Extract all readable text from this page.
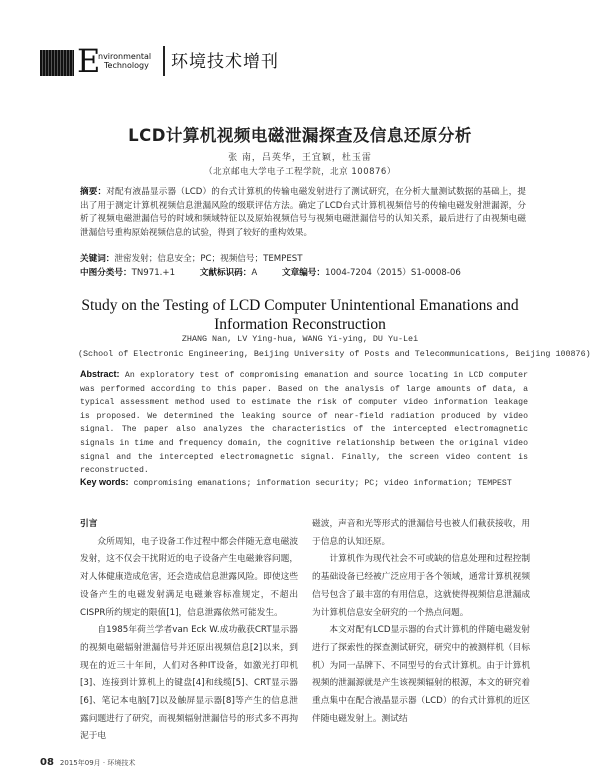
E
nvironmental
Technology 环境技术增刊
LCD计算机视频电磁泄漏探查及信息还原分析
张 南，吕英华，王宜颖，杜玉雷
（北京邮电大学电子工程学院，北京 100876）
摘要：对配有液晶显示器（LCD）的台式计算机的传输电磁发射进行了测试研究，在分析大量测试数据的基础上，提出了用于测定计算机视频信息泄漏风险的级联评估方法。确定了LCD台式计算机视频信号的传输电磁发射泄漏源，分析了视频电磁泄漏信号的时域和频域特征以及原始视频信号与视频电磁泄漏信号的认知关系，最后进行了由视频电磁泄漏信号重构原始视频信息的试验，得到了较好的重构效果。
关键词：泄密发射；信息安全；PC；视频信号；TEMPEST
中图分类号：TN971.+1	文献标识码：A	文章编号：1004-7204（2015）S1-0008-06
Study on the Testing of LCD Computer Unintentional Emanations and Information Reconstruction
ZHANG Nan, LV Ying-hua, WANG Yi-ying, DU Yu-Lei
(School of Electronic Engineering, Beijing University of Posts and Telecommunications, Beijing 100876)
Abstract: An exploratory test of compromising emanation and source locating in LCD computer was performed according to this paper. Based on the analysis of large amounts of data, a typical assessment method used to estimate the risk of computer video information leakage is proposed. We determined the leaking source of near-field radiation produced by video signal. The paper also analyzes the characteristics of the intercepted electromagnetic signals in time and frequency domain, the cognitive relationship between the original video signal and the intercepted electromagnetic signal. Finally, the screen video content is reconstructed.
Key words: compromising emanations; information security; PC; video information; TEMPEST

引言

众所周知，电子设备工作过程中都会伴随无意电磁波发射，这不仅会干扰附近的电子设备产生电磁兼容问题，对人体健康造成危害，还会造成信息泄露风险。即使这些设备产生的电磁发射满足电磁兼容标准规定，不超出CISPR所约规定的限值[1]，信息泄露依然可能发生。

自1985年荷兰学者van Eck W.成功截获CRT显示器的视频电磁辐射泄漏信号并还原出视频信息[2]以来，到现在的近三十年间，人们对各种IT设备，如激光打印机[3]、连接到计算机上的键盘[4]和线缆[5]、CRT显示器[6]、笔记本电脑[7]以及触屏显示器[8]等产生的信息泄露问题进行了研究，而视频辐射泄漏信号的形式多不再拘泥于电

磁波，声音和光等形式的泄漏信号也被人们截获接收，用于信息的认知还原。

计算机作为现代社会不可或缺的信息处理和过程控制的基础设备已经被广泛应用于各个领域，通常计算机视频信号包含了最丰富的有用信息，这就使得视频信息泄漏成为计算机信息安全研究的一个热点问题。

本文对配有LCD显示器的台式计算机的伴随电磁发射进行了探索性的探查测试研究，研究中的被测样机（目标机）为同一品牌下、不同型号的台式计算机。由于计算机视频的泄漏源就是产生该视频辐射的根源，本文的研究着重点集中在配合液晶显示器（LCD）的台式计算机的近区伴随电磁发射上。测试结

08 2015年09月 · 环境技术
